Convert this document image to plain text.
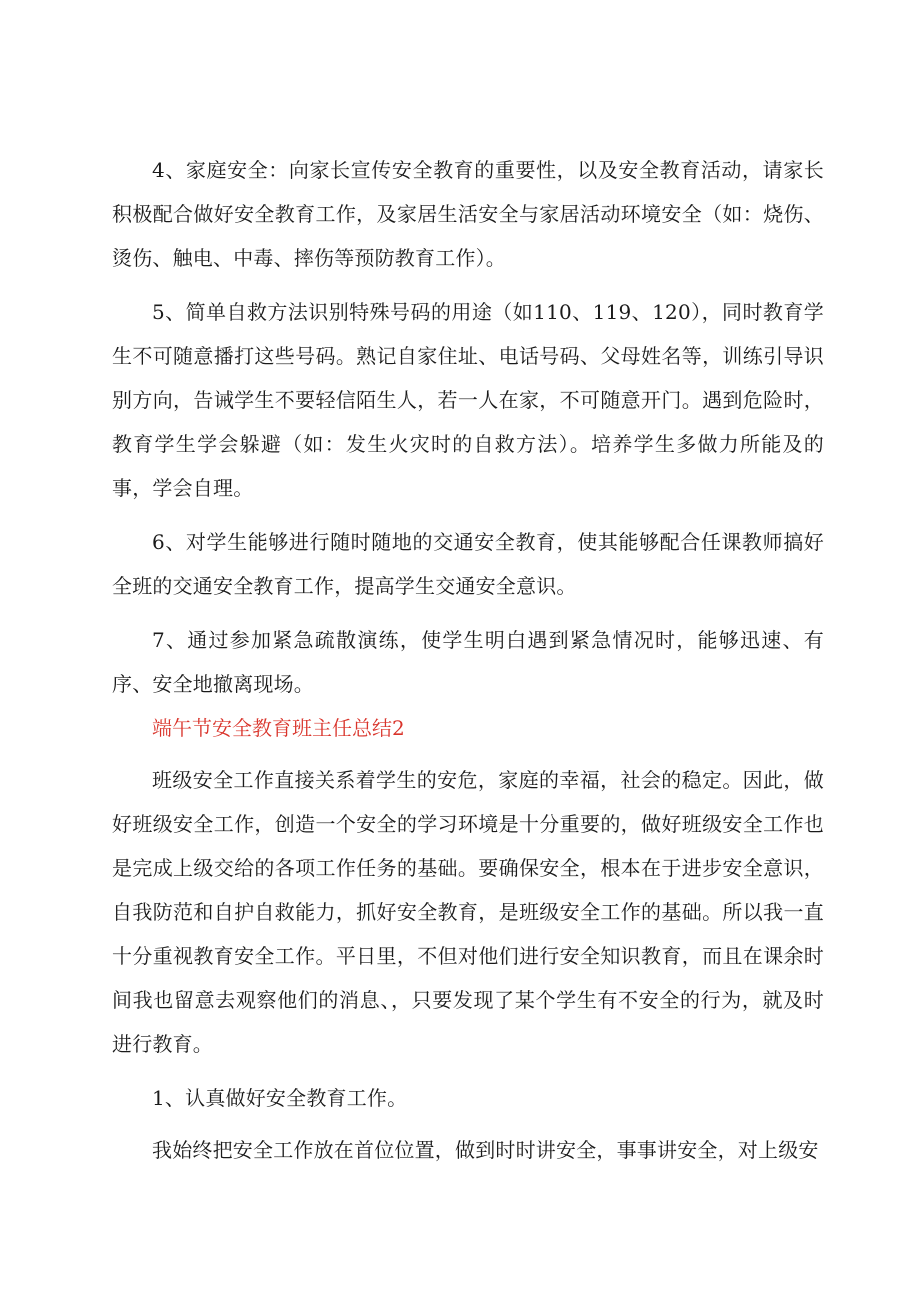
4、家庭安全：向家长宣传安全教育的重要性，以及安全教育活动，请家长积极配合做好安全教育工作，及家居生活安全与家居活动环境安全（如：烧伤、烫伤、触电、中毒、摔伤等预防教育工作）。

5、简单自救方法识别特殊号码的用途（如110、119、120），同时教育学生不可随意播打这些号码。熟记自家住址、电话号码、父母姓名等，训练引导识别方向，告诫学生不要轻信陌生人，若一人在家，不可随意开门。遇到危险时，教育学生学会躲避（如：发生火灾时的自救方法）。培养学生多做力所能及的事，学会自理。

6、对学生能够进行随时随地的交通安全教育，使其能够配合任课教师搞好全班的交通安全教育工作，提高学生交通安全意识。

7、通过参加紧急疏散演练，使学生明白遇到紧急情况时，能够迅速、有序、安全地撤离现场。

端午节安全教育班主任总结2

班级安全工作直接关系着学生的安危，家庭的幸福，社会的稳定。因此，做好班级安全工作，创造一个安全的学习环境是十分重要的，做好班级安全工作也是完成上级交给的各项工作任务的基础。要确保安全，根本在于进步安全意识，自我防范和自护自救能力，抓好安全教育，是班级安全工作的基础。所以我一直十分重视教育安全工作。平日里，不但对他们进行安全知识教育，而且在课余时间我也留意去观察他们的消息、，只要发现了某个学生有不安全的行为，就及时进行教育。

1、认真做好安全教育工作。

我始终把安全工作放在首位位置，做到时时讲安全，事事讲安全，对上级安
